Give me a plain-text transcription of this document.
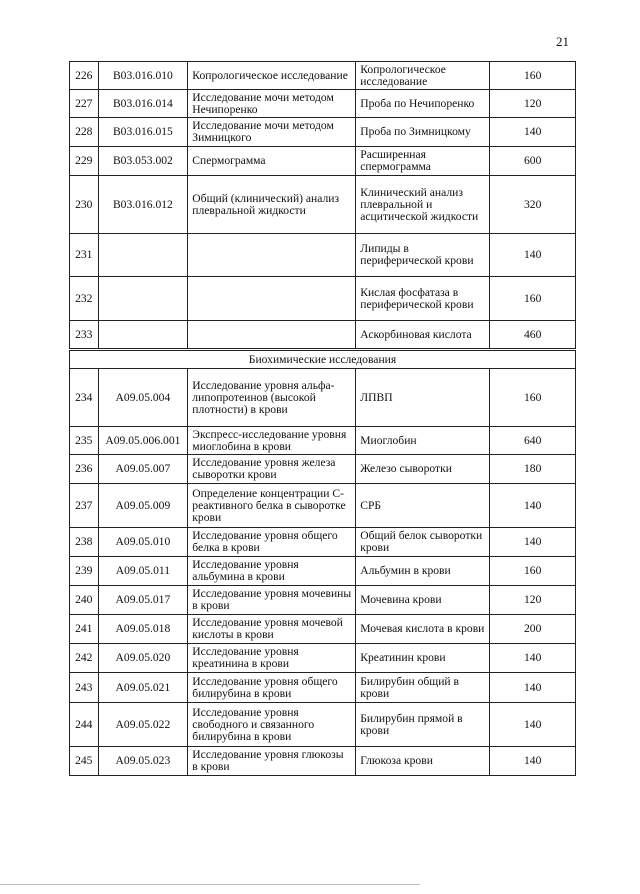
21
226	B03.016.010	Копрологическое исследование	Копрологическое исследование	160
227	B03.016.014	Исследование мочи методом Нечипоренко	Проба по Нечипоренко	120
228	B03.016.015	Исследование мочи методом Зимницкого	Проба по Зимницкому	140
229	B03.053.002	Спермограмма	Расширенная спермограмма	600
230	B03.016.012	Общий (клинический) анализ плевральной жидкости	Клинический анализ плевральной и асцитической жидкости	320
231			Липиды в периферической крови	140
232			Кислая фосфатаза в периферической крови	160
233			Аскорбиновая кислота	460
Биохимические исследования				
234	A09.05.004	Исследование уровня альфа-липопротеинов (высокой плотности) в крови	ЛПВП	160
235	A09.05.006.001	Экспресс-исследование уровня миоглобина в крови	Миоглобин	640
236	A09.05.007	Исследование уровня железа сыворотки крови	Железо сыворотки	180
237	A09.05.009	Определение концентрации С-реактивного белка в сыворотке крови	СРБ	140
238	A09.05.010	Исследование уровня общего белка в крови	Общий белок сыворотки крови	140
239	A09.05.011	Исследование уровня альбумина в крови	Альбумин в крови	160
240	A09.05.017	Исследование уровня мочевины в крови	Мочевина крови	120
241	A09.05.018	Исследование уровня мочевой кислоты в крови	Мочевая кислота в крови	200
242	A09.05.020	Исследование уровня креатинина в крови	Креатинин крови	140
243	A09.05.021	Исследование уровня общего билирубина в крови	Билирубин общий в крови	140
244	A09.05.022	Исследование уровня свободного и связанного билирубина в крови	Билирубин прямой в крови	140
245	A09.05.023	Исследование уровня глюкозы в крови	Глюкоза крови	140
